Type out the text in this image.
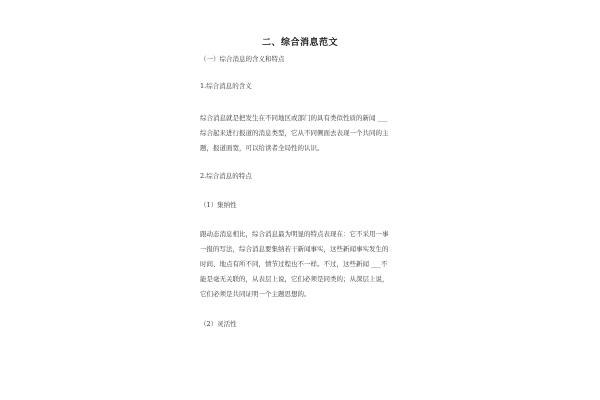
二、综合消息范文
（一）综合消息的含义和特点
1.综合消息的含义
综合消息就是把发生在不同地区或部门的具有类似性质的新闻 ___
综合起来进行报道的消息类型，它从不同侧面去表现一个共同的主
题，报道面宽，可以给读者全局性的认识。
2.综合消息的特点
（1）集纳性
跟动态消息相比，综合消息最为明显的特点表现在：它不采用一事
一报的写法，综合消息要集纳若干新闻事实，这些新闻事实发生的
时间、地点有所不同，情节过程也不一样。不过，这些新闻 ___不
能是毫无关联的，从表层上说，它们必须是同类的；从深层上说，
它们必须是共同证明一个主题思想的。
（2）灵活性
